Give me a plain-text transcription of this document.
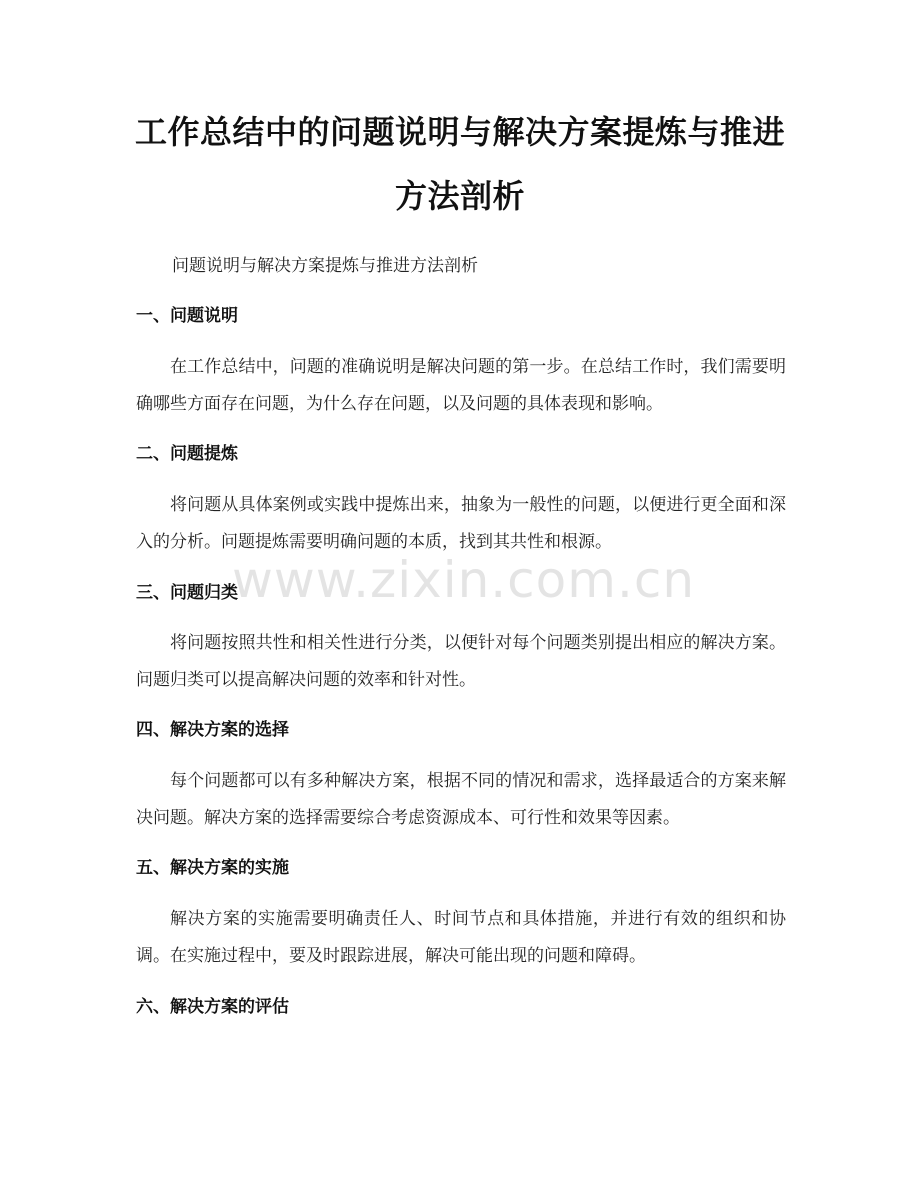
工作总结中的问题说明与解决方案提炼与推进方法剖析

问题说明与解决方案提炼与推进方法剖析

一、问题说明

在工作总结中，问题的准确说明是解决问题的第一步。在总结工作时，我们需要明确哪些方面存在问题，为什么存在问题，以及问题的具体表现和影响。

二、问题提炼

将问题从具体案例或实践中提炼出来，抽象为一般性的问题，以便进行更全面和深入的分析。问题提炼需要明确问题的本质，找到其共性和根源。

三、问题归类

将问题按照共性和相关性进行分类，以便针对每个问题类别提出相应的解决方案。问题归类可以提高解决问题的效率和针对性。

四、解决方案的选择

每个问题都可以有多种解决方案，根据不同的情况和需求，选择最适合的方案来解决问题。解决方案的选择需要综合考虑资源成本、可行性和效果等因素。

五、解决方案的实施

解决方案的实施需要明确责任人、时间节点和具体措施，并进行有效的组织和协调。在实施过程中，要及时跟踪进展，解决可能出现的问题和障碍。

六、解决方案的评估
www.zixin.com.cn
